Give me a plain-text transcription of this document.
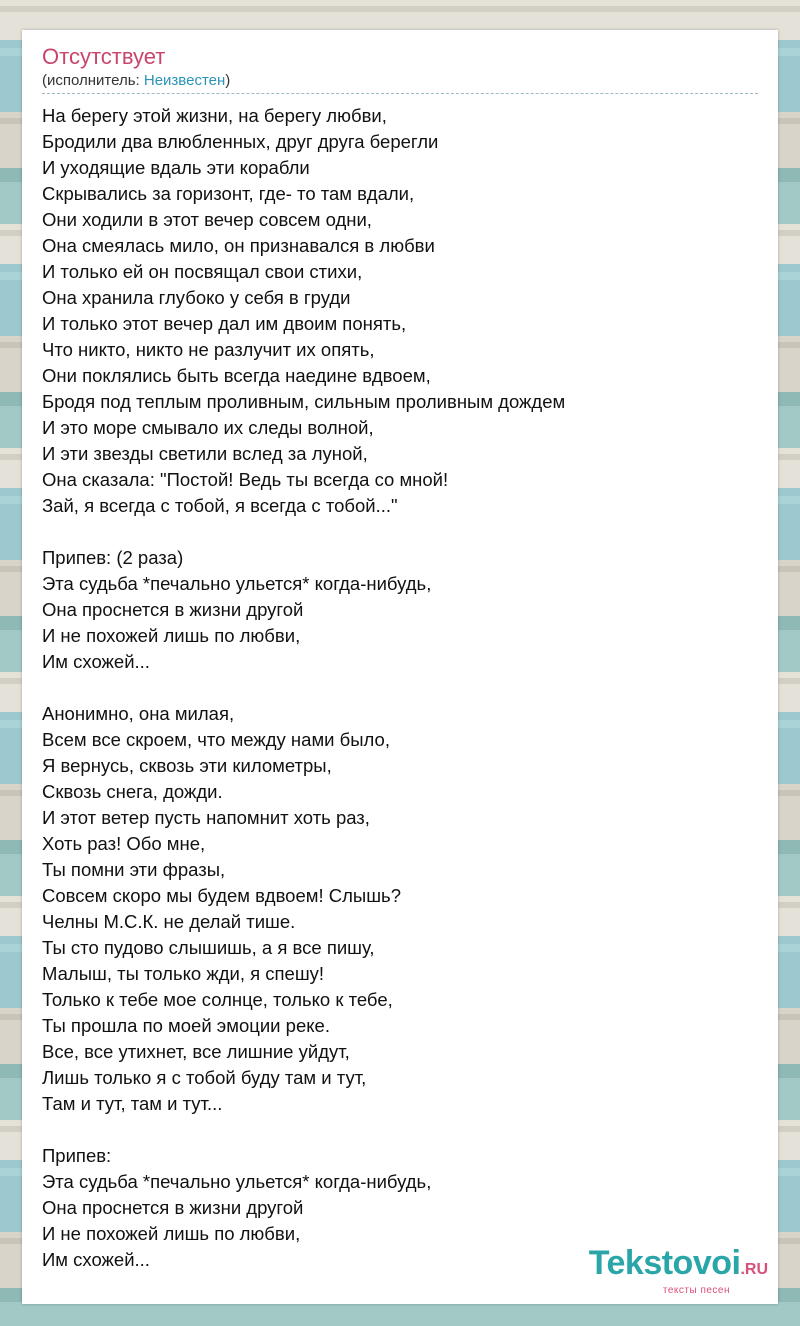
Отсутствует
(исполнитель: Неизвестен)
На берегу этой жизни, на берегу любви,
Бродили два влюбленных, друг друга берегли
И уходящие вдаль эти корабли
Скрывались за горизонт, где- то там вдали,
Они ходили в этот вечер совсем одни,
Она смеялась мило, он признавался в любви
И только ей он посвящал свои стихи,
Она хранила глубоко у себя в груди
И только этот вечер дал им двоим понять,
Что никто, никто не разлучит их опять,
Они поклялись быть всегда наедине вдвоем,
Бродя под теплым проливным, сильным проливным дождем
И это море смывало их следы волной,
И эти звезды светили вслед за луной,
Она сказала: "Постой! Ведь ты всегда со мной!
Зай, я всегда с тобой, я всегда с тобой..."
Припев: (2 раза)
Эта судьба *печально ульется* когда-нибудь,
Она проснется в жизни другой
И не похожей лишь по любви,
Им схожей...
Анонимно, она милая,
Всем все скроем, что между нами было,
Я вернусь, сквозь эти километры,
Сквозь снега, дожди.
И этот ветер пусть напомнит хоть раз,
Хоть раз! Обо мне,
Ты помни эти фразы,
Совсем скоро мы будем вдвоем! Слышь?
Челны М.С.К. не делай тише.
Ты сто пудово слышишь, а я все пишу,
Малыш, ты только жди, я спешу!
Только к тебе мое солнце, только к тебе,
Ты прошла по моей эмоции реке.
Все, все утихнет, все лишние уйдут,
Лишь только я с тобой буду там и тут,
Там и тут, там и тут...
Припев:
Эта судьба *печально ульется* когда-нибудь,
Она проснется в жизни другой
И не похожей лишь по любви,
Им схожей...	Tekstovoi.RU
тексты песен
